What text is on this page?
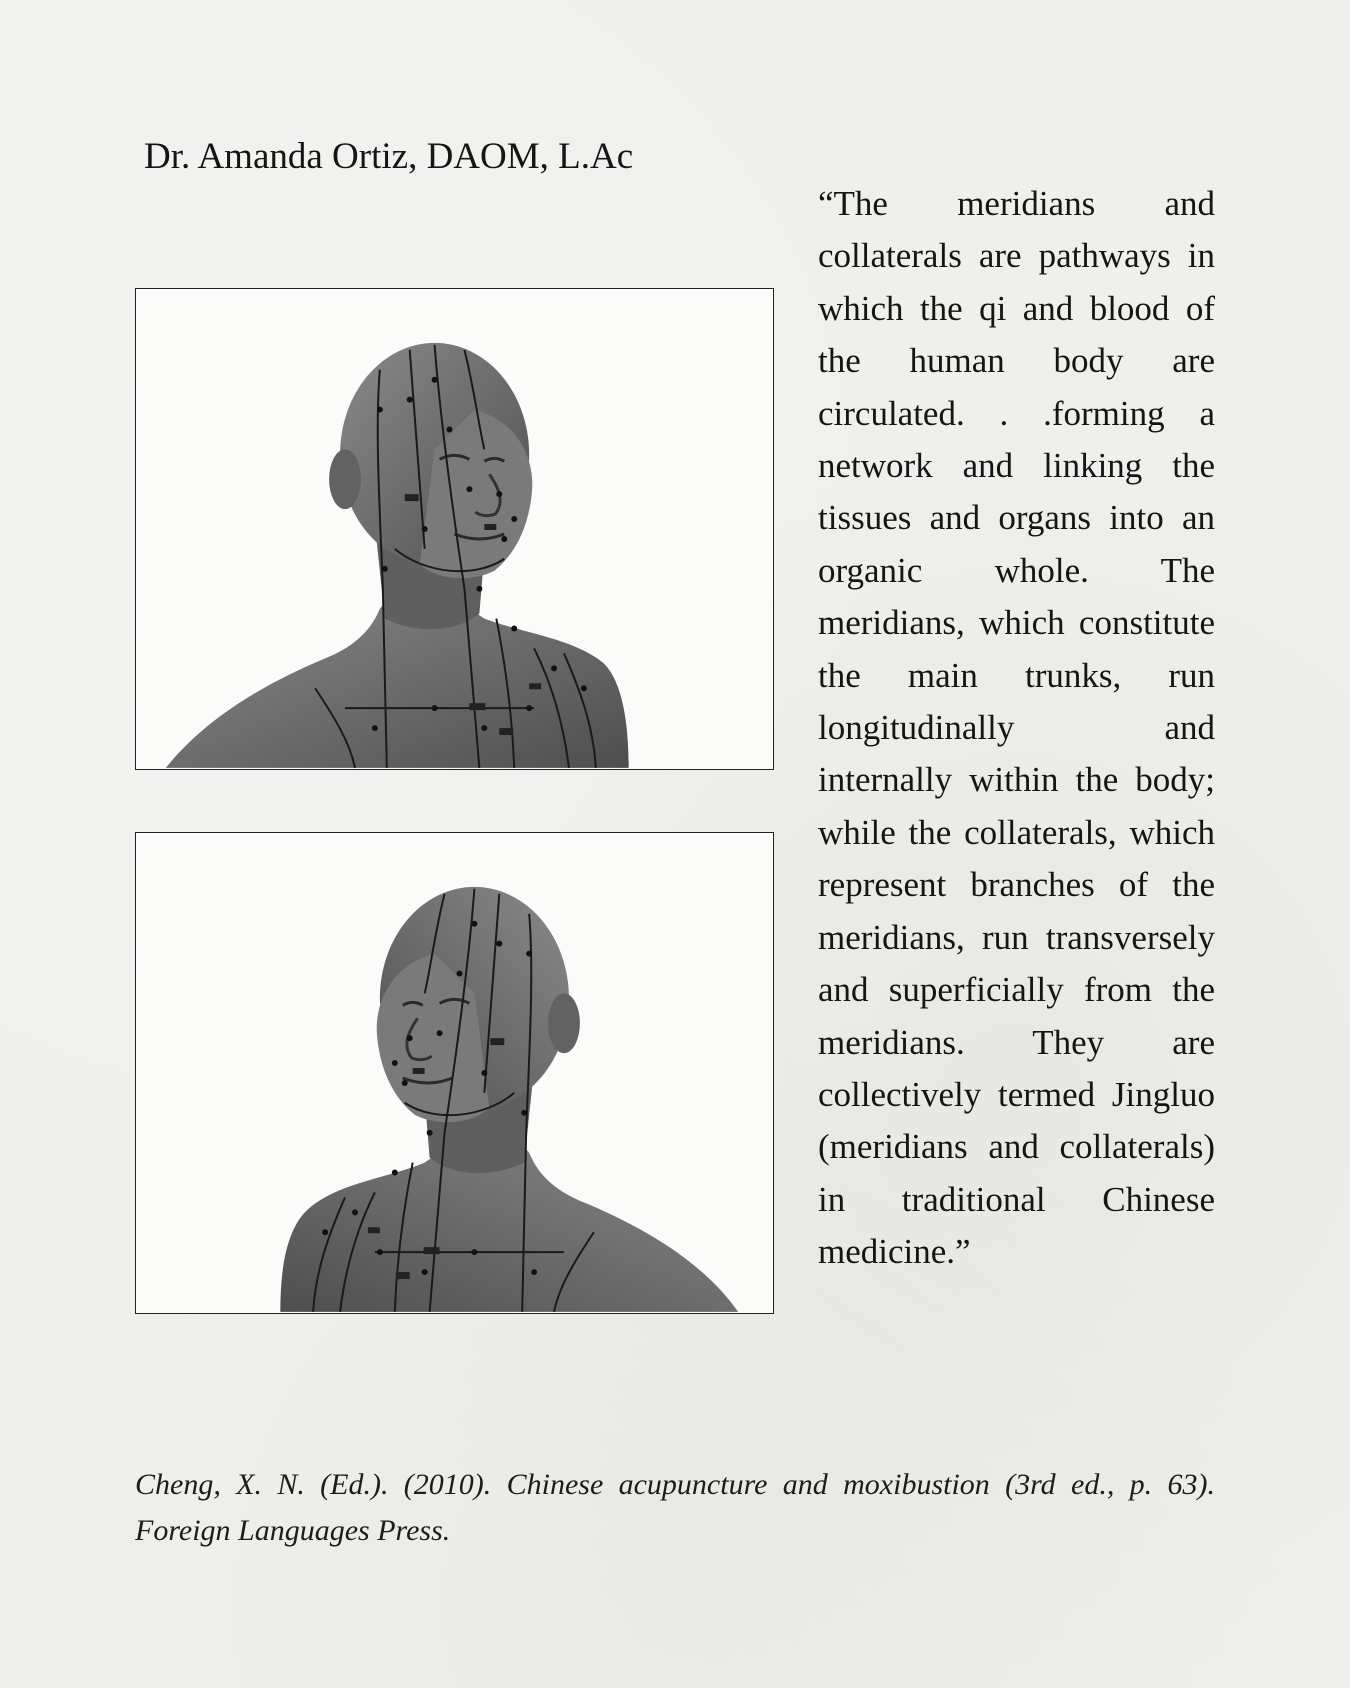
Dr. Amanda Ortiz, DAOM, L.Ac

“The meridians and collaterals are pathways in which the qi and blood of the human body are circulated. . .forming a network and linking the tissues and organs into an organic whole. The meridians, which constitute the main trunks, run longitudinally and internally within the body; while the collaterals, which represent branches of the meridians, run transversely and superficially from the meridians. They are collectively termed Jingluo (meridians and collaterals) in traditional Chinese medicine.”

Cheng, X. N. (Ed.). (2010). Chinese acupuncture and moxibustion (3rd ed., p. 63). Foreign Languages Press.
